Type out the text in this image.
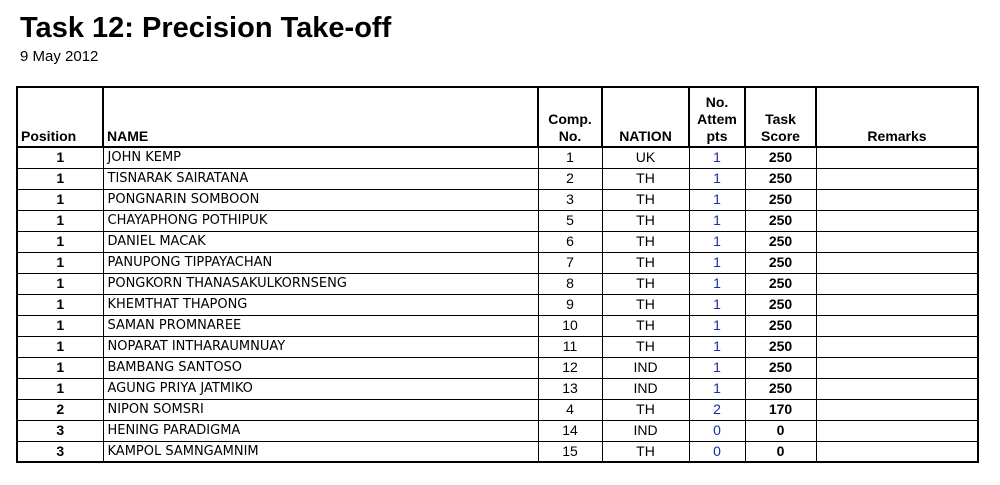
Task 12: Precision Take-off
9 May 2012
Position	NAME	Comp. No.	NATION	No. Attem pts	Task Score	Remarks
1	JOHN KEMP	1	UK	1	250	
1	TISNARAK SAIRATANA	2	TH	1	250	
1	PONGNARIN SOMBOON	3	TH	1	250	
1	CHAYAPHONG POTHIPUK	5	TH	1	250	
1	DANIEL MACAK	6	TH	1	250	
1	PANUPONG TIPPAYACHAN	7	TH	1	250	
1	PONGKORN THANASAKULKORNSENG	8	TH	1	250	
1	KHEMTHAT THAPONG	9	TH	1	250	
1	SAMAN PROMNAREE	10	TH	1	250	
1	NOPARAT INTHARAUMNUAY	11	TH	1	250	
1	BAMBANG SANTOSO	12	IND	1	250	
1	AGUNG PRIYA JATMIKO	13	IND	1	250	
2	NIPON SOMSRI	4	TH	2	170	
3	HENING PARADIGMA	14	IND	0	0	
3	KAMPOL SAMNGAMNIM	15	TH	0	0	
